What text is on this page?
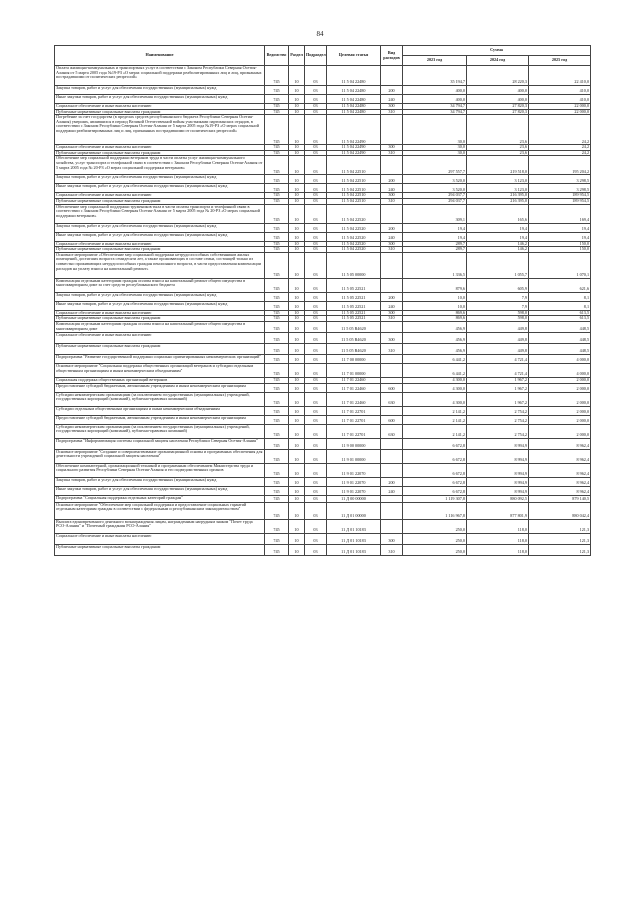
84
Наименование	Ведомство	Раздел	Подраздел	Целевая статья	Вид расходов	Сумма		
						2023 год	2024 год	2025 год
Оплата жилищно-коммунальных и транспортных услуг в соответствии с Законом Республики Северная Осетия-Алания от 5 марта 2005 года №19-РЗ «О мерах социальной поддержки реабилитированных лиц и лиц, признанных пострадавшими от политических репрессий»	745	10	03	11 5 04 22480		35 194,7	28 220,3	22 410,0
Закупка товаров, работ и услуг для обеспечения государственных (муниципальных) нужд	745	10	03	11 5 04 22480	200	400,0	400,0	410,0
Иные закупки товаров, работ и услуг для обеспечения государственных (муниципальных) нужд	745	10	03	11 5 04 22480	240	400,0	400,0	410,0
Социальное обеспечение и иные выплаты населению	745	10	03	11 5 04 22480	300	34 794,7	27 820,3	22 000,0
Публичные нормативные социальные выплаты гражданам	745	10	03	11 5 04 22480	310	34 794,7	27 820,3	22 000,0
Погребение за счет государства (в пределах средств республиканского бюджета Республики Северная Осетия-Алания) умерших, являвшихся в период Великой Отечественной войны участниками партизанских отрядов, в соответствии с Законом Республики Северная Осетия-Алания от 5 марта 2005 года №19-РЗ «О мерах социальной поддержки реабилитированных лиц и лиц, признанных пострадавшими от политических репрессий»	745	10	03	11 5 04 22490		30,0	23,6	24,2
Социальное обеспечение и иные выплаты населению	745	10	03	11 5 04 22490	300	30,0	23,6	24,2
Публичные нормативные социальные выплаты гражданам	745	10	03	11 5 04 22490	310	30,0	23,6	24,2
Обеспечение мер социальной поддержки ветеранов труда в части оплаты услуг жилищно-коммунального хозяйства, услуг транспорта и телефонной связи в соответствии с Законом Республики Северная Осетия-Алания от 5 марта 2005 года № 20-РЗ «О мерах социальной поддержки ветеранов»	745	10	03	11 5 04 22510		297 557,7	219 518,0	195 204,2
Закупка товаров, работ и услуг для обеспечения государственных (муниципальных) нужд	745	10	03	11 5 04 22510	200	3 520,0	3 123,0	3 298,5
Иные закупки товаров, работ и услуг для обеспечения государственных (муниципальных) нужд	745	10	03	11 5 04 22510	240	3 520,0	3 123,0	3 298,5
Социальное обеспечение и иные выплаты населению	745	10	03	11 5 04 22510	300	294 037,7	216 395,0	189 954,5
Публичные нормативные социальные выплаты гражданам	745	10	03	11 5 04 22510	310	294 037,7	216 395,0	189 954,5
Обеспечение мер социальной поддержки тружеников тыла в части оплаты транспорта и телефонной связи в соответствии с Законом Республики Северная Осетия-Алания от 5 марта 2005 года № 20-РЗ «О мерах социальной поддержки ветеранов»	745	10	03	11 5 04 22520		309,1	165,6	169,4
Закупка товаров, работ и услуг для обеспечения государственных (муниципальных) нужд	745	10	03	11 5 04 22520	200	19,4	19,4	19,4
Иные закупки товаров, работ и услуг для обеспечения государственных (муниципальных) нужд	745	10	03	11 5 04 22520	240	19,4	19,4	19,4
Социальное обеспечение и иные выплаты населению	745	10	03	11 5 04 22520	300	289,7	146,2	150,0
Публичные нормативные социальные выплаты гражданам	745	10	03	11 5 04 22520	310	289,7	146,2	150,0
Основное мероприятие «Обеспечение мер социальной поддержки нетрудоспособных собственников жилых помещений, достигших возраста семидесяти лет, а также проживающих в составе семьи, состоящей только из совместно проживающих нетрудоспособных граждан пенсионного возраста, в части предоставления компенсации расходов на уплату взноса на капитальный ремонт»	745	10	03	11 5 05 00000		1 336,5	1 055,7	1 070,1
Компенсация отдельным категориям граждан оплаты взноса на капитальный ремонт общего имущества в многоквартирном доме за счет средств республиканского бюджета	745	10	03	11 5 05 22521		879,6	605,9	621,6
Закупка товаров, работ и услуг для обеспечения государственных (муниципальных) нужд	745	10	03	11 5 05 22521	200	10,0	7,9	8,1
Иные закупки товаров, работ и услуг для обеспечения государственных (муниципальных) нужд	745	10	03	11 5 05 22521	240	10,0	7,9	8,1
Социальное обеспечение и иные выплаты населению	745	10	03	11 5 05 22521	300	869,6	598,0	613,5
Публичные нормативные социальные выплаты гражданам	745	10	03	11 5 05 22521	310	869,6	598,0	613,5
Компенсация отдельным категориям граждан оплаты взноса на капитальный ремонт общего имущества в многоквартирном доме	745	10	03	11 5 05 R4620		456,9	449,8	448,5
Социальное обеспечение и иные выплаты населению	745	10	03	11 5 05 R4620	300	456,9	449,8	448,5
Публичные нормативные социальные выплаты гражданам	745	10	03	11 5 05 R4620	310	456,9	449,8	448,5
Подпрограмма "Развитие государственной поддержки социально ориентированных некоммерческих организаций"	745	10	03	11 7 00 00000		6 441,2	4 721,4	4 000,0
Основное мероприятие "Социальная поддержка общественных организаций ветеранов и субсидии отдельным общественным организациям и иным некоммерческим объединениям"	745	10	03	11 7 01 00000		6 441,2	4 721,4	4 000,0
Социальная поддержка общественных организаций ветеранов	745	10	03	11 7 01 22460		4 300,0	1 967,2	2 000,0
Предоставление субсидий бюджетным, автономным учреждениям и иным некоммерческим организациям	745	10	03	11 7 01 22460	600	4 300,0	1 967,2	2 000,0
Субсидии некоммерческим организациям (за исключением государственных (муниципальных) учреждений, государственных корпораций (компаний), публично-правовых компаний)	745	10	03	11 7 01 22460	630	4 300,0	1 967,2	2 000,0
Субсидии отдельным общественным организациям и иным некоммерческим объединениям	745	10	03	11 7 01 22701		2 141,2	2 754,2	2 000,0
Предоставление субсидий бюджетным, автономным учреждениям и иным некоммерческим организациям	745	10	03	11 7 01 22701	600	2 141,2	2 754,2	2 000,0
Субсидии некоммерческим организациям (за исключением государственных (муниципальных) учреждений, государственных корпораций (компаний), публично-правовых компаний)	745	10	03	11 7 01 22701	630	2 141,2	2 754,2	2 000,0
Подпрограмма "Информатизация системы социальной защиты населения Республики Северная Осетия-Алания"	745	10	03	11 9 00 00000		6 672,8	8 994,9	8 962,4
Основное мероприятие "Создание и совершенствование организационной основы и программных обеспечения для деятельности учреждений социальной защиты населения"	745	10	03	11 9 01 00000		6 672,8	8 994,9	8 962,4
Обеспечение компьютерной, организационной техникой и программным обеспечением Министерства труда и социального развития Республики Северная Осетия-Алания и его подведомственных органов	745	10	03	11 9 01 22070		6 672,8	8 994,9	8 962,4
Закупка товаров, работ и услуг для обеспечения государственных (муниципальных) нужд	745	10	03	11 9 01 22070	200	6 672,8	8 994,9	8 962,4
Иные закупки товаров, работ и услуг для обеспечения государственных (муниципальных) нужд	745	10	03	11 9 01 22070	240	6 672,8	8 994,9	8 962,4
Подпрограмма "Социальная поддержка отдельных категорий граждан"	745	10	03	11 Д 00 00000		1 119 307,8	880 092,5	879 140,5
Основное мероприятие "Обеспечение мер социальной поддержки и предоставление социальных гарантий отдельным категориям граждан в соответствии с федеральным и республиканским законодательством"	745	10	03	11 Д 01 00000		1 116 967,8	877 801,9	880 042,4
Выплата единовременного денежного вознаграждения лицам, награжденным нагрудным знаком "Почет труда РСО-Алания" и "Почетный гражданин РСО-Алания"	745	10	03	11 Д 01 10183		250,0	118,0	121,3
Социальное обеспечение и иные выплаты населению	745	10	03	11 Д 01 10183	300	250,0	118,0	121,3
Публичные нормативные социальные выплаты гражданам	745	10	03	11 Д 01 10183	310	250,0	118,0	121,3
